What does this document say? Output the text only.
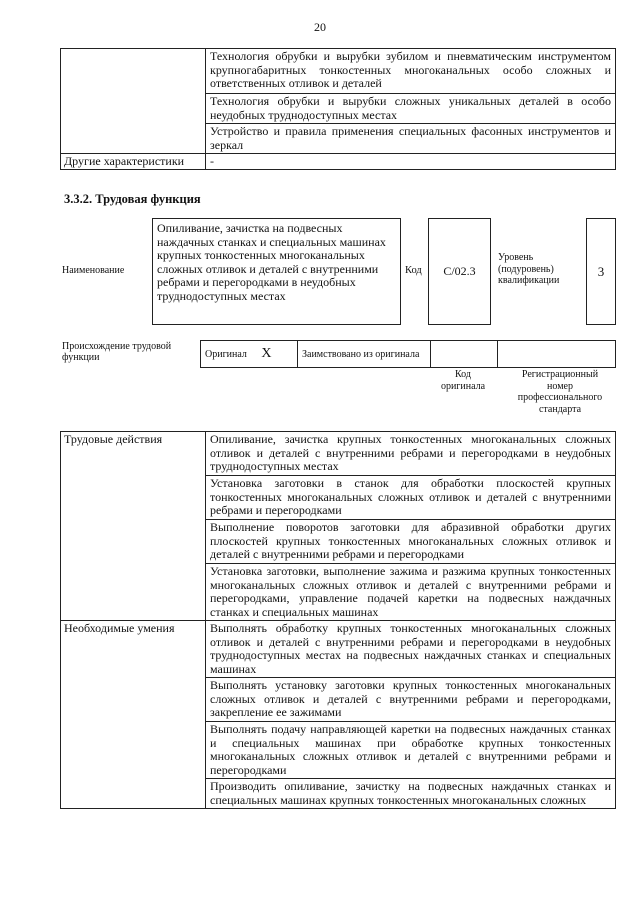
20
	Технология обрубки и вырубки зубилом и пневматическим инструментом крупногабаритных тонкостенных многоканальных особо сложных и ответственных отливок и деталей
	Технология обрубки и вырубки сложных уникальных деталей в особо неудобных труднодоступных местах
	Устройство и правила применения специальных фасонных инструментов и зеркал
Другие характеристики	-
3.3.2. Трудовая функция
Наименование
Опиливание, зачистка на подвесных наждачных станках и специальных машинах крупных тонкостенных многоканальных сложных отливок и деталей с внутренними ребрами и перегородками в неудобных труднодоступных местах
Код C/02.3
Уровень (подуровень) квалификации
3
Происхождение трудовой функции	Оригинал X	Заимствовано из оригинала		
Код оригинала
Регистрационный номер профессионального стандарта
Трудовые действия	Опиливание, зачистка крупных тонкостенных многоканальных сложных отливок и деталей с внутренними ребрами и перегородками в неудобных труднодоступных местах
	Установка заготовки в станок для обработки плоскостей крупных тонкостенных многоканальных сложных отливок и деталей с внутренними ребрами и перегородками
	Выполнение поворотов заготовки для абразивной обработки других плоскостей крупных тонкостенных многоканальных сложных отливок и деталей с внутренними ребрами и перегородками
	Установка заготовки, выполнение зажима и разжима крупных тонкостенных многоканальных сложных отливок и деталей с внутренними ребрами и перегородками, управление подачей каретки на подвесных наждачных станках и специальных машинах
Необходимые умения	Выполнять обработку крупных тонкостенных многоканальных сложных отливок и деталей с внутренними ребрами и перегородками в неудобных труднодоступных местах на подвесных наждачных станках и специальных машинах
	Выполнять установку заготовки крупных тонкостенных многоканальных сложных отливок и деталей с внутренними ребрами и перегородками, закрепление ее зажимами
	Выполнять подачу направляющей каретки на подвесных наждачных станках и специальных машинах при обработке крупных тонкостенных многоканальных сложных отливок и деталей с внутренними ребрами и перегородками
	Производить опиливание, зачистку на подвесных наждачных станках и специальных машинах крупных тонкостенных многоканальных сложных
